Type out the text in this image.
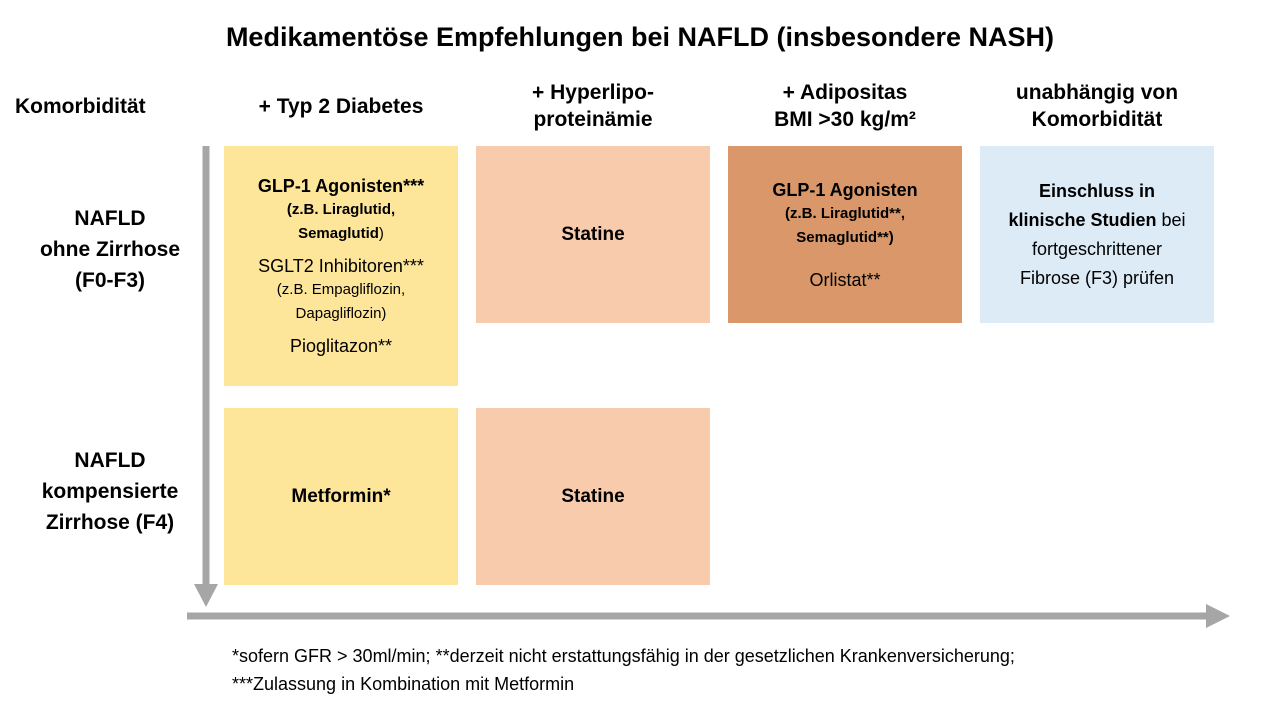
Medikamentöse Empfehlungen bei NAFLD (insbesondere NASH)
Komorbidität	+ Typ 2 Diabetes
+ Hyperlipo-
proteinämie
+ Adipositas
BMI >30 kg/m²
unabhängig von
Komorbidität
NAFLD
ohne Zirrhose
(F0-F3)
NAFLD
kompensierte
Zirrhose (F4)
GLP-1 Agonisten***
(z.B. Liraglutid,
Semaglutid)
SGLT2 Inhibitoren***
(z.B. Empagliflozin,
Dapagliflozin)
Pioglitazon**
Statine
GLP-1 Agonisten
(z.B. Liraglutid**,
Semaglutid**)
Orlistat**
Einschluss in
klinische Studien bei
fortgeschrittener
Fibrose (F3) prüfen
Metformin*	Statine
*sofern GFR > 30ml/min; **derzeit nicht erstattungsfähig in der gesetzlichen Krankenversicherung;
***Zulassung in Kombination mit Metformin
